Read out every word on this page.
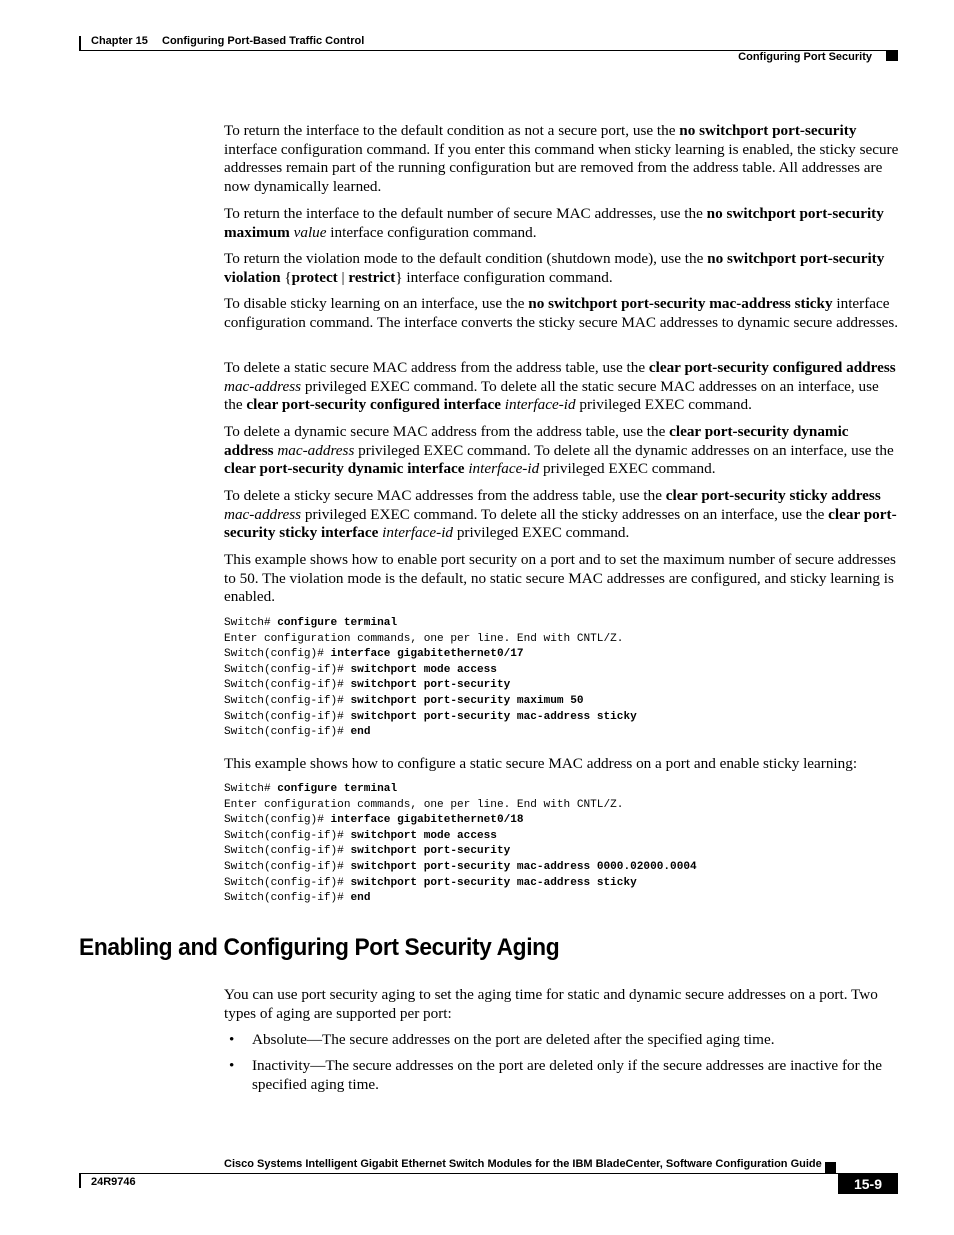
Chapter 15 Configuring Port-Based Traffic Control
Configuring Port Security

To return the interface to the default condition as not a secure port, use the no switchport port-security interface configuration command. If you enter this command when sticky learning is enabled, the sticky secure addresses remain part of the running configuration but are removed from the address table. All addresses are now dynamically learned.

To return the interface to the default number of secure MAC addresses, use the no switchport port-security maximum value interface configuration command.

To return the violation mode to the default condition (shutdown mode), use the no switchport port-security violation {protect | restrict} interface configuration command.

To disable sticky learning on an interface, use the no switchport port-security mac-address sticky interface configuration command. The interface converts the sticky secure MAC addresses to dynamic secure addresses.

To delete a static secure MAC address from the address table, use the clear port-security configured address mac-address privileged EXEC command. To delete all the static secure MAC addresses on an interface, use the clear port-security configured interface interface-id privileged EXEC command.

To delete a dynamic secure MAC address from the address table, use the clear port-security dynamic address mac-address privileged EXEC command. To delete all the dynamic addresses on an interface, use the clear port-security dynamic interface interface-id privileged EXEC command.

To delete a sticky secure MAC addresses from the address table, use the clear port-security sticky address mac-address privileged EXEC command. To delete all the sticky addresses on an interface, use the clear port-security sticky interface interface-id privileged EXEC command.

This example shows how to enable port security on a port and to set the maximum number of secure addresses to 50. The violation mode is the default, no static secure MAC addresses are configured, and sticky learning is enabled.

This example shows how to configure a static secure MAC address on a port and enable sticky learning:

Switch# configure terminal
Enter configuration commands, one per line. End with CNTL/Z.
Switch(config)# interface gigabitethernet0/17
Switch(config-if)# switchport mode access
Switch(config-if)# switchport port-security
Switch(config-if)# switchport port-security maximum 50
Switch(config-if)# switchport port-security mac-address sticky
Switch(config-if)# end
Switch# configure terminal
Enter configuration commands, one per line. End with CNTL/Z.
Switch(config)# interface gigabitethernet0/18
Switch(config-if)# switchport mode access
Switch(config-if)# switchport port-security
Switch(config-if)# switchport port-security mac-address 0000.02000.0004
Switch(config-if)# switchport port-security mac-address sticky
Switch(config-if)# end
Enabling and Configuring Port Security Aging

You can use port security aging to set the aging time for static and dynamic secure addresses on a port. Two types of aging are supported per port:

• Absolute—The secure addresses on the port are deleted after the specified aging time.
• Inactivity—The secure addresses on the port are deleted only if the secure addresses are inactive for the specified aging time.
Cisco Systems Intelligent Gigabit Ethernet Switch Modules for the IBM BladeCenter, Software Configuration Guide
24R9746	15-9
